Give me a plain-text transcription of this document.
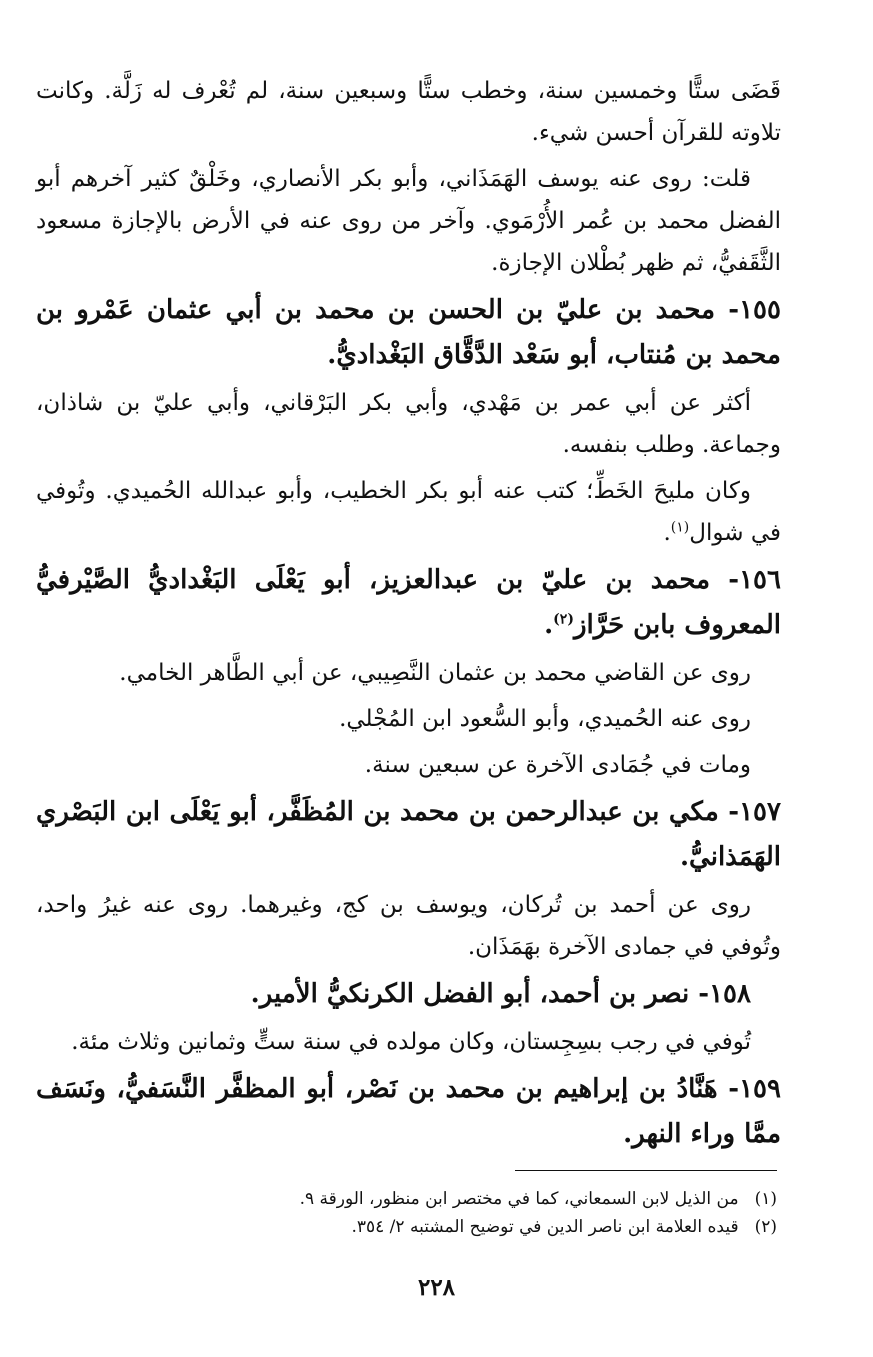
قَضَى ستًّا وخمسين سنة، وخطب ستًّا وسبعين سنة، لم تُعْرف له زَلَّة. وكانت تلاوته للقرآن أحسن شيء.

قلت: روى عنه يوسف الهَمَذَاني، وأبو بكر الأنصاري، وخَلْقٌ كثير آخرهم أبو الفضل محمد بن عُمر الأُرْمَوي. وآخر من روى عنه في الأرض بالإجازة مسعود الثَّقَفيُّ، ثم ظهر بُطْلان الإجازة.

١٥٥- محمد بن عليّ بن الحسن بن محمد بن أبي عثمان عَمْرو بن محمد بن مُنتاب، أبو سَعْد الدَّقَّاق البَغْداديُّ.

أكثر عن أبي عمر بن مَهْدي، وأبي بكر البَرْقاني، وأبي عليّ بن شاذان، وجماعة. وطلب بنفسه.

وكان مليحَ الخَطِّ؛ كتب عنه أبو بكر الخطيب، وأبو عبدالله الحُميدي. وتُوفي في شوال$^{(١)}$.

١٥٦- محمد بن عليّ بن عبدالعزيز، أبو يَعْلَى البَغْداديُّ الصَّيْرفيُّ المعروف بابن حَرَّاز$^{(٢)}$.

روى عن القاضي محمد بن عثمان النَّصِيبي، عن أبي الطَّاهر الخامي.

روى عنه الحُميدي، وأبو السُّعود ابن المُجْلي.

ومات في جُمَادى الآخرة عن سبعين سنة.

١٥٧- مكي بن عبدالرحمن بن محمد بن المُظَفَّر، أبو يَعْلَى ابن البَصْري الهَمَذانيُّ.

روى عن أحمد بن تُركان، ويوسف بن كج، وغيرهما. روى عنه غيرُ واحد، وتُوفي في جمادى الآخرة بهَمَذَان.

١٥٨- نصر بن أحمد، أبو الفضل الكرنكيُّ الأمير.

تُوفي في رجب بسِجِستان، وكان مولده في سنة ستٍّ وثمانين وثلاث مئة.

١٥٩- هَنَّادُ بن إبراهيم بن محمد بن نَصْر، أبو المظفَّر النَّسَفيُّ، ونَسَف ممَّا وراء النهر.

(١)من الذيل لابن السمعاني، كما في مختصر ابن منظور، الورقة ٩.
(٢)قيده العلامة ابن ناصر الدين في توضيح المشتبه ٢/ ٣٥٤.
٢٢٨
